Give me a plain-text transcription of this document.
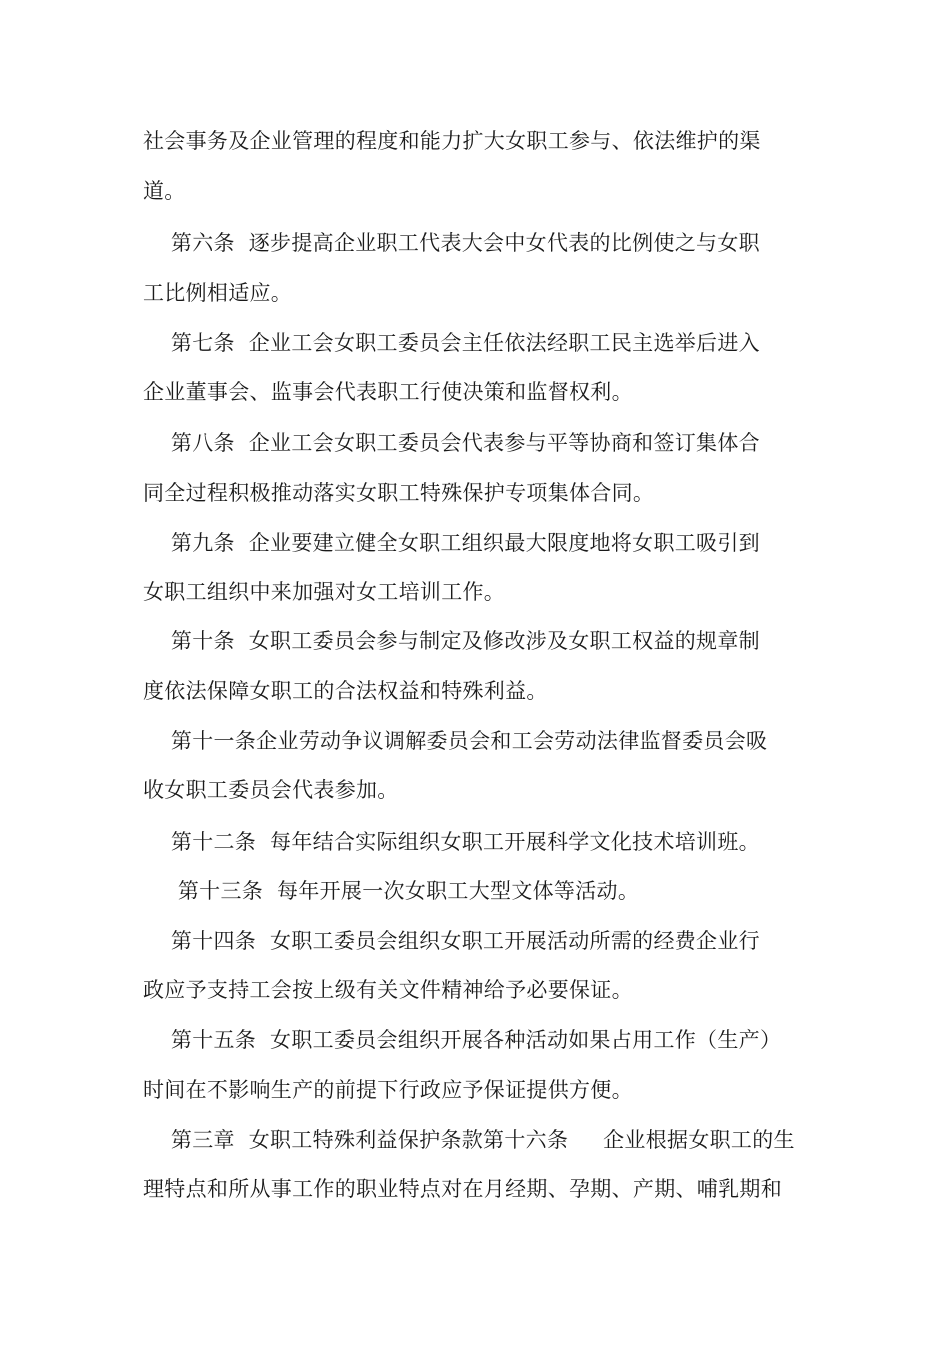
社会事务及企业管理的程度和能力扩大女职工参与、依法维护的渠

道。

第六条  逐步提高企业职工代表大会中女代表的比例使之与女职

工比例相适应。

第七条  企业工会女职工委员会主任依法经职工民主选举后进入

企业董事会、监事会代表职工行使决策和监督权利。

第八条  企业工会女职工委员会代表参与平等协商和签订集体合

同全过程积极推动落实女职工特殊保护专项集体合同。

第九条  企业要建立健全女职工组织最大限度地将女职工吸引到

女职工组织中来加强对女工培训工作。

第十条  女职工委员会参与制定及修改涉及女职工权益的规章制

度依法保障女职工的合法权益和特殊利益。

第十一条企业劳动争议调解委员会和工会劳动法律监督委员会吸

收女职工委员会代表参加。

第十二条  每年结合实际组织女职工开展科学文化技术培训班。

第十三条  每年开展一次女职工大型文体等活动。

第十四条  女职工委员会组织女职工开展活动所需的经费企业行

政应予支持工会按上级有关文件精神给予必要保证。

第十五条  女职工委员会组织开展各种活动如果占用工作（生产）

时间在不影响生产的前提下行政应予保证提供方便。

第三章  女职工特殊利益保护条款第十六条     企业根据女职工的生

理特点和所从事工作的职业特点对在月经期、孕期、产期、哺乳期和
